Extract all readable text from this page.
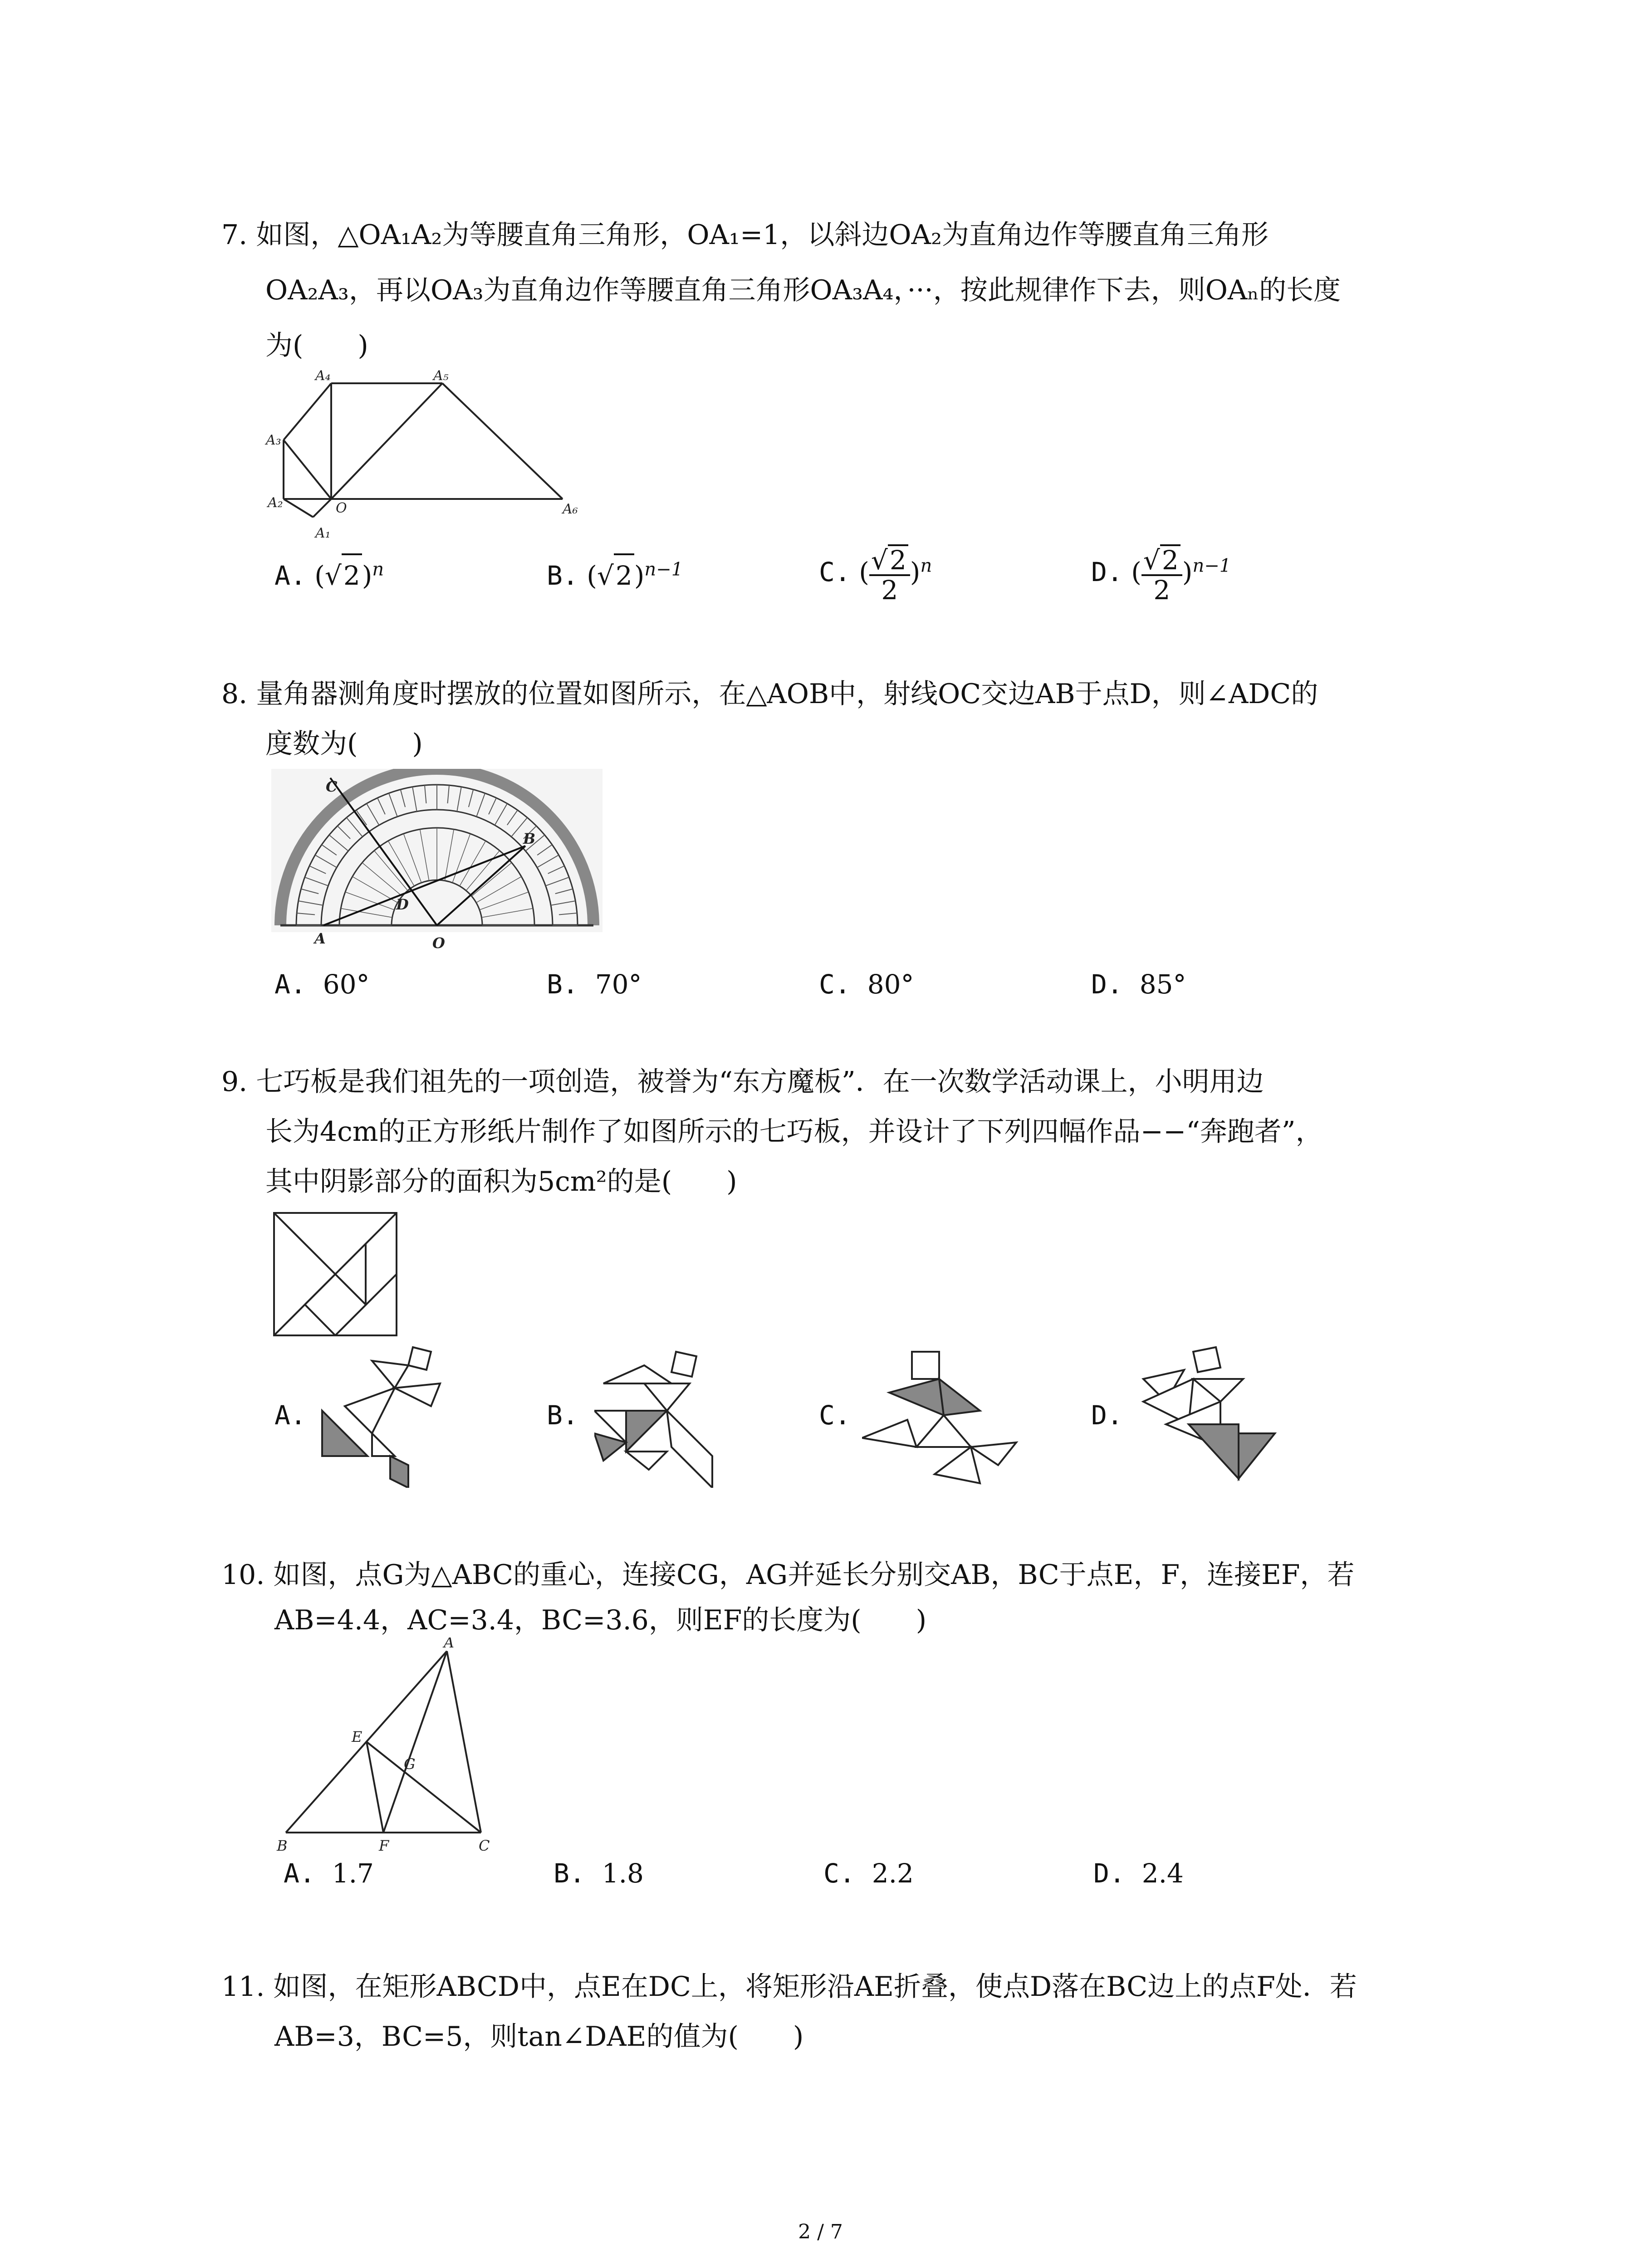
7. 如图，△OA₁A₂为等腰直角三角形，OA₁=1，以斜边OA₂为直角边作等腰直角三角形
OA₂A₃，再以OA₃为直角边作等腰直角三角形OA₃A₄，···，按此规律作下去，则OAₙ的长度
为(　　)
A₁
A₂
A₃
A₄	A₅
A₆
O
A. $(√2)^n$	B. $(√2)^{n-1}$	C. ( $\frac{√2}{2} )^n$	D. ( $\frac{√2}{2} )^{n-1}$
8. 量角器测角度时摆放的位置如图所示，在△AOB中，射线OC交边AB于点D，则∠ADC的
度数为(　　)
C
B
D
A	O
A. 60°	B. 70°	C. 80°	D. 85°
9. 七巧板是我们祖先的一项创造，被誉为“东方魔板”．在一次数学活动课上，小明用边
长为4cm的正方形纸片制作了如图所示的七巧板，并设计了下列四幅作品−−“奔跑者”，
其中阴影部分的面积为5cm²的是(　　)
A.	B.	C.	D.
10. 如图，点G为△ABC的重心，连接CG，AG并延长分别交AB，BC于点E，F，连接EF，若
AB=4.4，AC=3.4，BC=3.6，则EF的长度为(　　)
A
B	C
E
F
G
A. 1.7	B. 1.8	C. 2.2	D. 2.4
11. 如图，在矩形ABCD中，点E在DC上，将矩形沿AE折叠，使点D落在BC边上的点F处．若
AB=3，BC=5，则tan∠DAE的值为(　　)
2 / 7
